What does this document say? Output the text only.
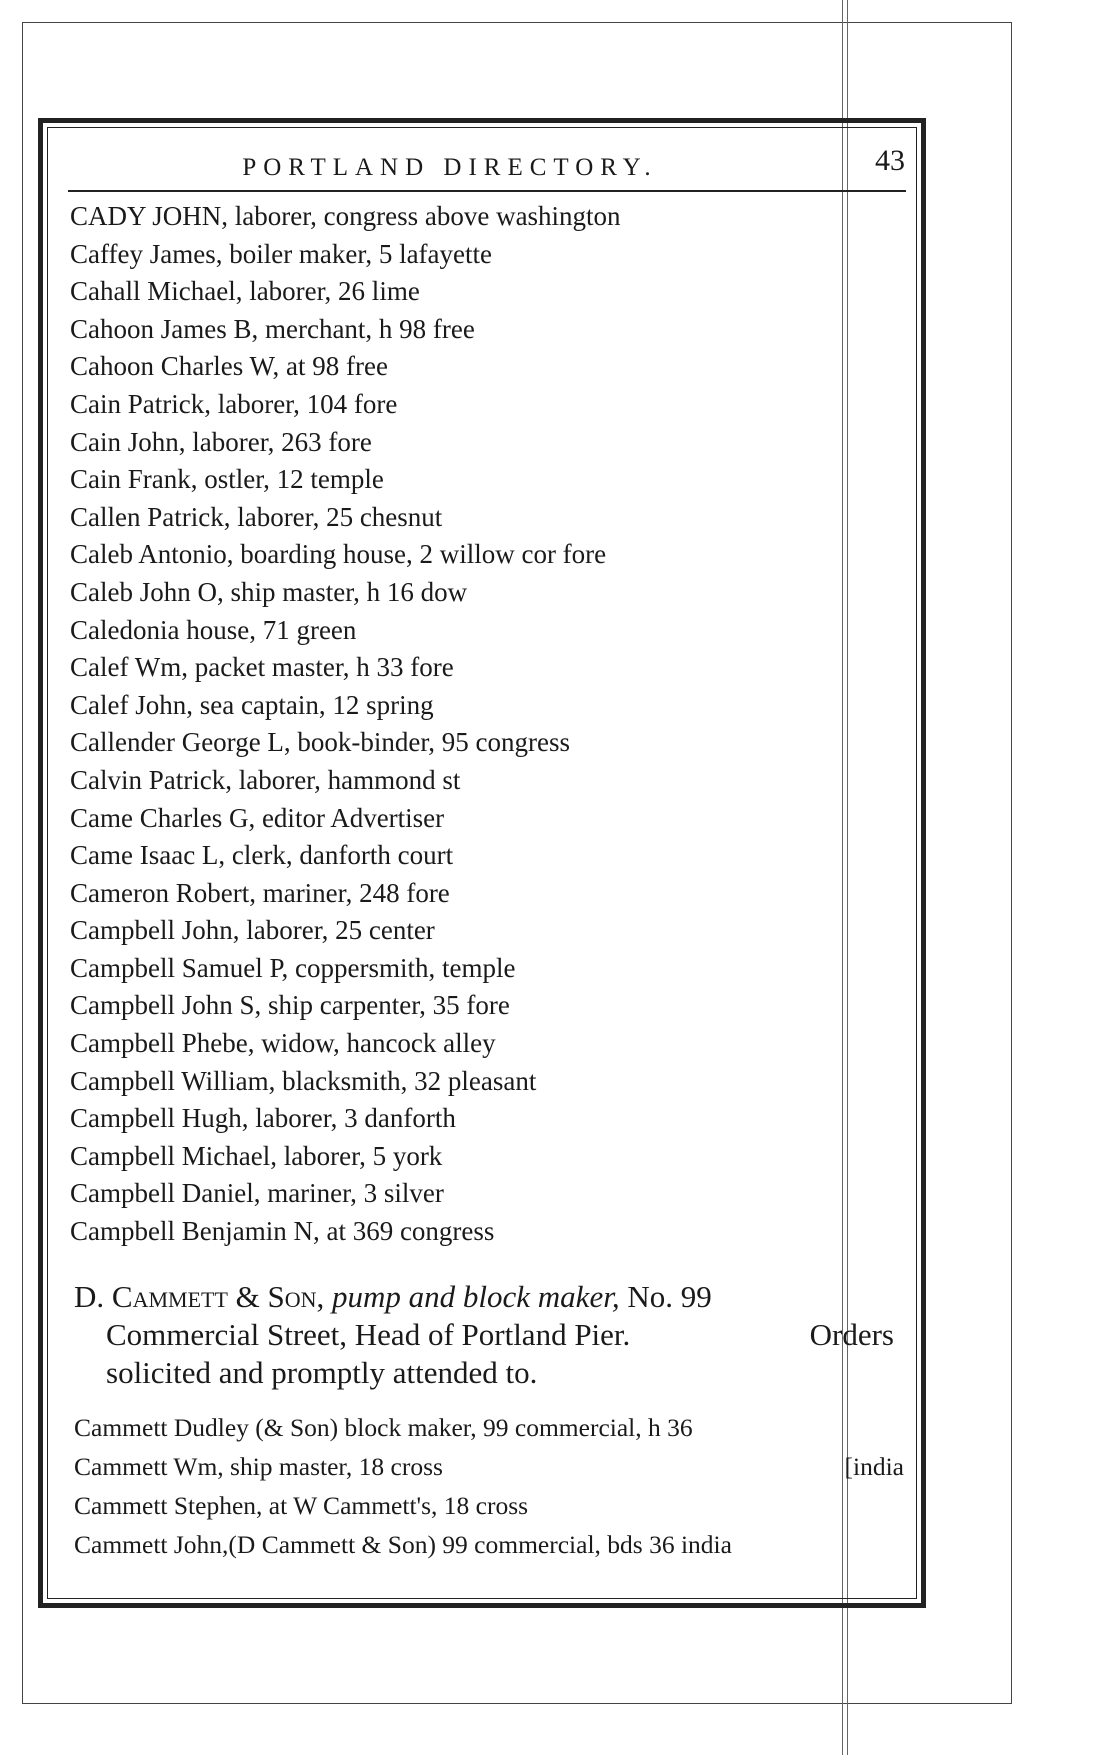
PORTLAND DIRECTORY.	43
CADY JOHN, laborer, congress above washington
Caffey James, boiler maker, 5 lafayette
Cahall Michael, laborer, 26 lime
Cahoon James B, merchant, h 98 free
Cahoon Charles W, at 98 free
Cain Patrick, laborer, 104 fore
Cain John, laborer, 263 fore
Cain Frank, ostler, 12 temple
Callen Patrick, laborer, 25 chesnut
Caleb Antonio, boarding house, 2 willow cor fore
Caleb John O, ship master, h 16 dow
Caledonia house, 71 green
Calef Wm, packet master, h 33 fore
Calef John, sea captain, 12 spring
Callender George L, book-binder, 95 congress
Calvin Patrick, laborer, hammond st
Came Charles G, editor Advertiser
Came Isaac L, clerk, danforth court
Cameron Robert, mariner, 248 fore
Campbell John, laborer, 25 center
Campbell Samuel P, coppersmith, temple
Campbell John S, ship carpenter, 35 fore
Campbell Phebe, widow, hancock alley
Campbell William, blacksmith, 32 pleasant
Campbell Hugh, laborer, 3 danforth
Campbell Michael, laborer, 5 york
Campbell Daniel, mariner, 3 silver
Campbell Benjamin N, at 369 congress
D. Cammett & Son, pump and block maker, No. 99
Commercial Street, Head of Portland Pier.	Orders
solicited and promptly attended to.
Cammett Dudley (& Son) block maker, 99 commercial, h 36
Cammett Wm, ship master, 18 cross	[india
Cammett Stephen, at W Cammett's, 18 cross
Cammett John,(D Cammett & Son) 99 commercial, bds 36 india
